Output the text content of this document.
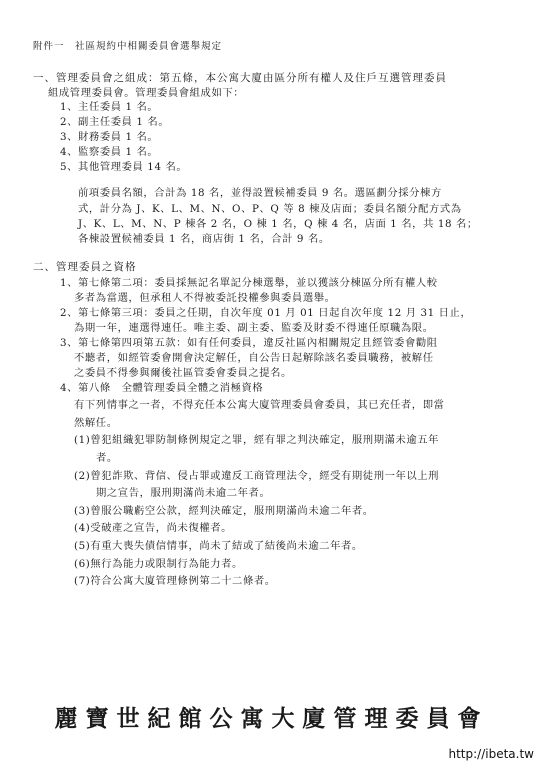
附件一　社區規約中相關委員會選舉規定
一、管理委員會之組成：第五條，本公寓大廈由區分所有權人及住戶互選管理委員
組成管理委員會。管理委員會組成如下：
1、主任委員 1 名。
2、副主任委員 1 名。
3、財務委員 1 名。
4、監察委員 1 名。
5、其他管理委員 14 名。
前項委員名額，合計為 18 名，並得設置候補委員 9 名。選區劃分採分棟方
式，計分為 J、K、L、M、N、O、P、Q 等 8 棟及店面；委員名額分配方式為
J、K、L、M、N、P 棟各 2 名，O 棟 1 名，Q 棟 4 名，店面 1 名，共 18 名；
各棟設置候補委員 1 名，商店街 1 名，合計 9 名。
二、管理委員之資格
1、第七條第二項：委員採無記名單記分棟選舉，並以獲該分棟區分所有權人較
多者為當選，但承租人不得被委託投權參與委員選舉。
2、第七條第三項：委員之任期，自次年度 01 月 01 日起自次年度 12 月 31 日止，
為期一年，連選得連任。唯主委、副主委、監委及財委不得連任原職為限。
3、第七條第四項第五款：如有任何委員，違反社區內相關規定且經管委會勸阻
不聽者，如經管委會開會決定解任，自公告日起解除該名委員職務，被解任
之委員不得參與爾後社區管委會委員之提名。
4、第八條　全體管理委員全體之消極資格
有下列情事之一者，不得充任本公寓大廈管理委員會委員，其已充任者，即當
然解任。
(1)曾犯組織犯罪防制條例規定之罪，經有罪之判決確定，服刑期滿未逾五年
者。
(2)曾犯詐欺、背信、侵占罪或違反工商管理法令，經受有期徒刑一年以上刑
期之宣告，服刑期滿尚未逾二年者。
(3)曾服公職虧空公款，經判決確定，服刑期滿尚未逾二年者。
(4)受破產之宣告，尚未復權者。
(5)有重大喪失債信情事，尚未了結或了結後尚未逾二年者。
(6)無行為能力或限制行為能力者。
(7)符合公寓大廈管理條例第二十二條者。
麗寶世紀館公寓大廈管理委員會
http://ibeta.tw
